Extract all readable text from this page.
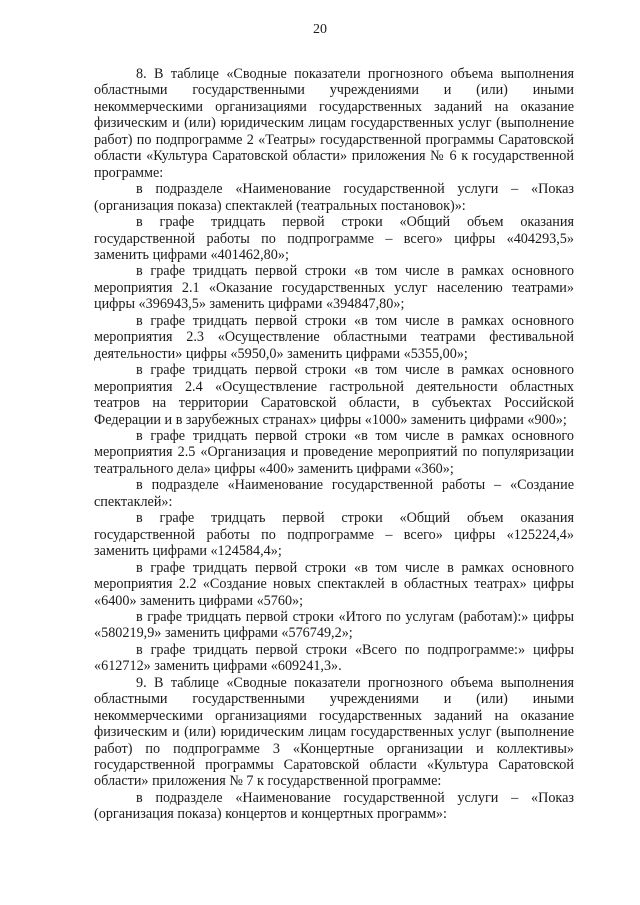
20

8. В таблице «Сводные показатели прогнозного объема выполнения областными государственными учреждениями и (или) иными некоммерческими организациями государственных заданий на оказание физическим и (или) юридическим лицам государственных услуг (выполнение работ) по подпрограмме 2 «Театры» государственной программы Саратовской области «Культура Саратовской области» приложения № 6 к государственной программе:

в подразделе «Наименование государственной услуги – «Показ (организация показа) спектаклей (театральных постановок)»:

в графе тридцать первой строки «Общий объем оказания государственной работы по подпрограмме – всего» цифры «404293,5» заменить цифрами «401462,80»;

в графе тридцать первой строки «в том числе в рамках основного мероприятия 2.1 «Оказание государственных услуг населению театрами» цифры «396943,5» заменить цифрами «394847,80»;

в графе тридцать первой строки «в том числе в рамках основного мероприятия 2.3 «Осуществление областными театрами фестивальной деятельности» цифры «5950,0» заменить цифрами «5355,00»;

в графе тридцать первой строки «в том числе в рамках основного мероприятия 2.4 «Осуществление гастрольной деятельности областных театров на территории Саратовской области, в субъектах Российской Федерации и в зарубежных странах» цифры «1000» заменить цифрами «900»;

в графе тридцать первой строки «в том числе в рамках основного мероприятия 2.5 «Организация и проведение мероприятий по популяризации театрального дела» цифры «400» заменить цифрами «360»;

в подразделе «Наименование государственной работы – «Создание спектаклей»:

в графе тридцать первой строки «Общий объем оказания государственной работы по подпрограмме – всего» цифры «125224,4» заменить цифрами «124584,4»;

в графе тридцать первой строки «в том числе в рамках основного мероприятия 2.2 «Создание новых спектаклей в областных театрах» цифры «6400» заменить цифрами «5760»;

в графе тридцать первой строки «Итого по услугам (работам):» цифры «580219,9» заменить цифрами «576749,2»;

в графе тридцать первой строки «Всего по подпрограмме:» цифры «612712» заменить цифрами «609241,3».

9. В таблице «Сводные показатели прогнозного объема выполнения областными государственными учреждениями и (или) иными некоммерческими организациями государственных заданий на оказание физическим и (или) юридическим лицам государственных услуг (выполнение работ) по подпрограмме 3 «Концертные организации и коллективы» государственной программы Саратовской области «Культура Саратовской области» приложения № 7 к государственной программе:

в подразделе «Наименование государственной услуги – «Показ (организация показа) концертов и концертных программ»:
